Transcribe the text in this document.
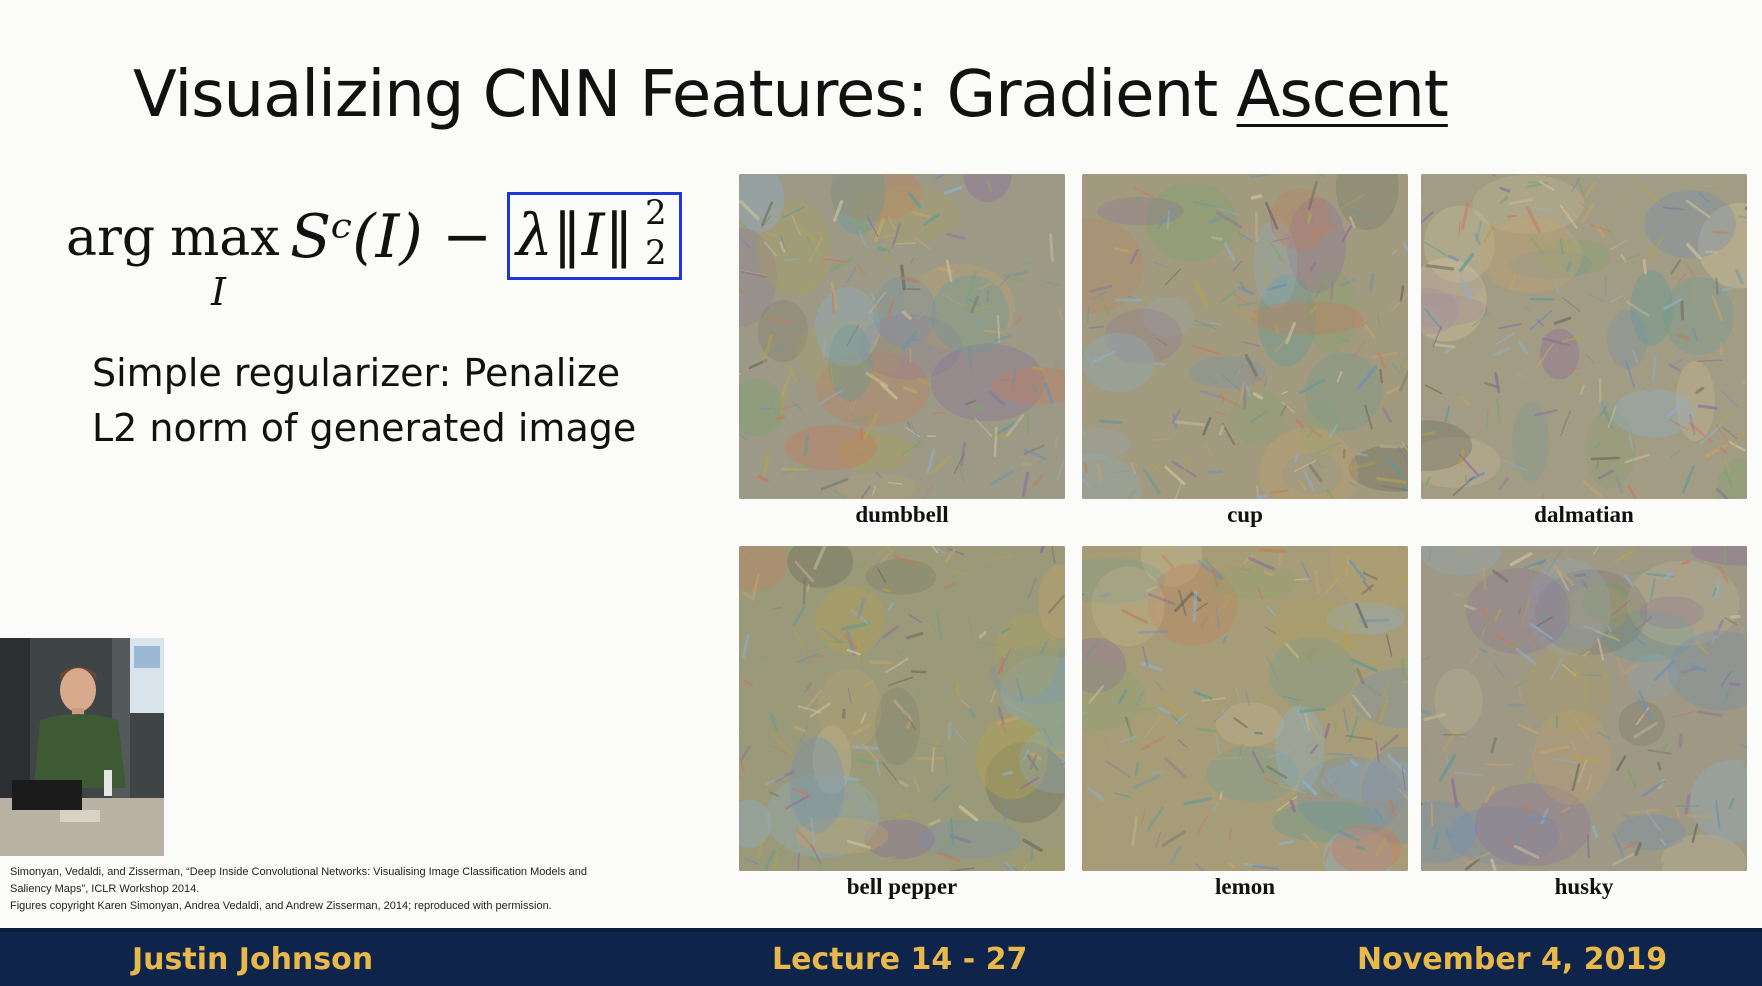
Visualizing CNN Features: Gradient Ascent
arg max
I
Sᶜ(I) − λ‖I‖ 2
2
Simple regularizer: Penalize
L2 norm of generated image
dumbbell	cup	dalmatian
bell pepper	lemon	husky
Simonyan, Vedaldi, and Zisserman, “Deep Inside Convolutional Networks: Visualising Image Classification Models and
Saliency Maps”, ICLR Workshop 2014.
Figures copyright Karen Simonyan, Andrea Vedaldi, and Andrew Zisserman, 2014; reproduced with permission.
Justin Johnson	Lecture 14 - 27	November 4, 2019
